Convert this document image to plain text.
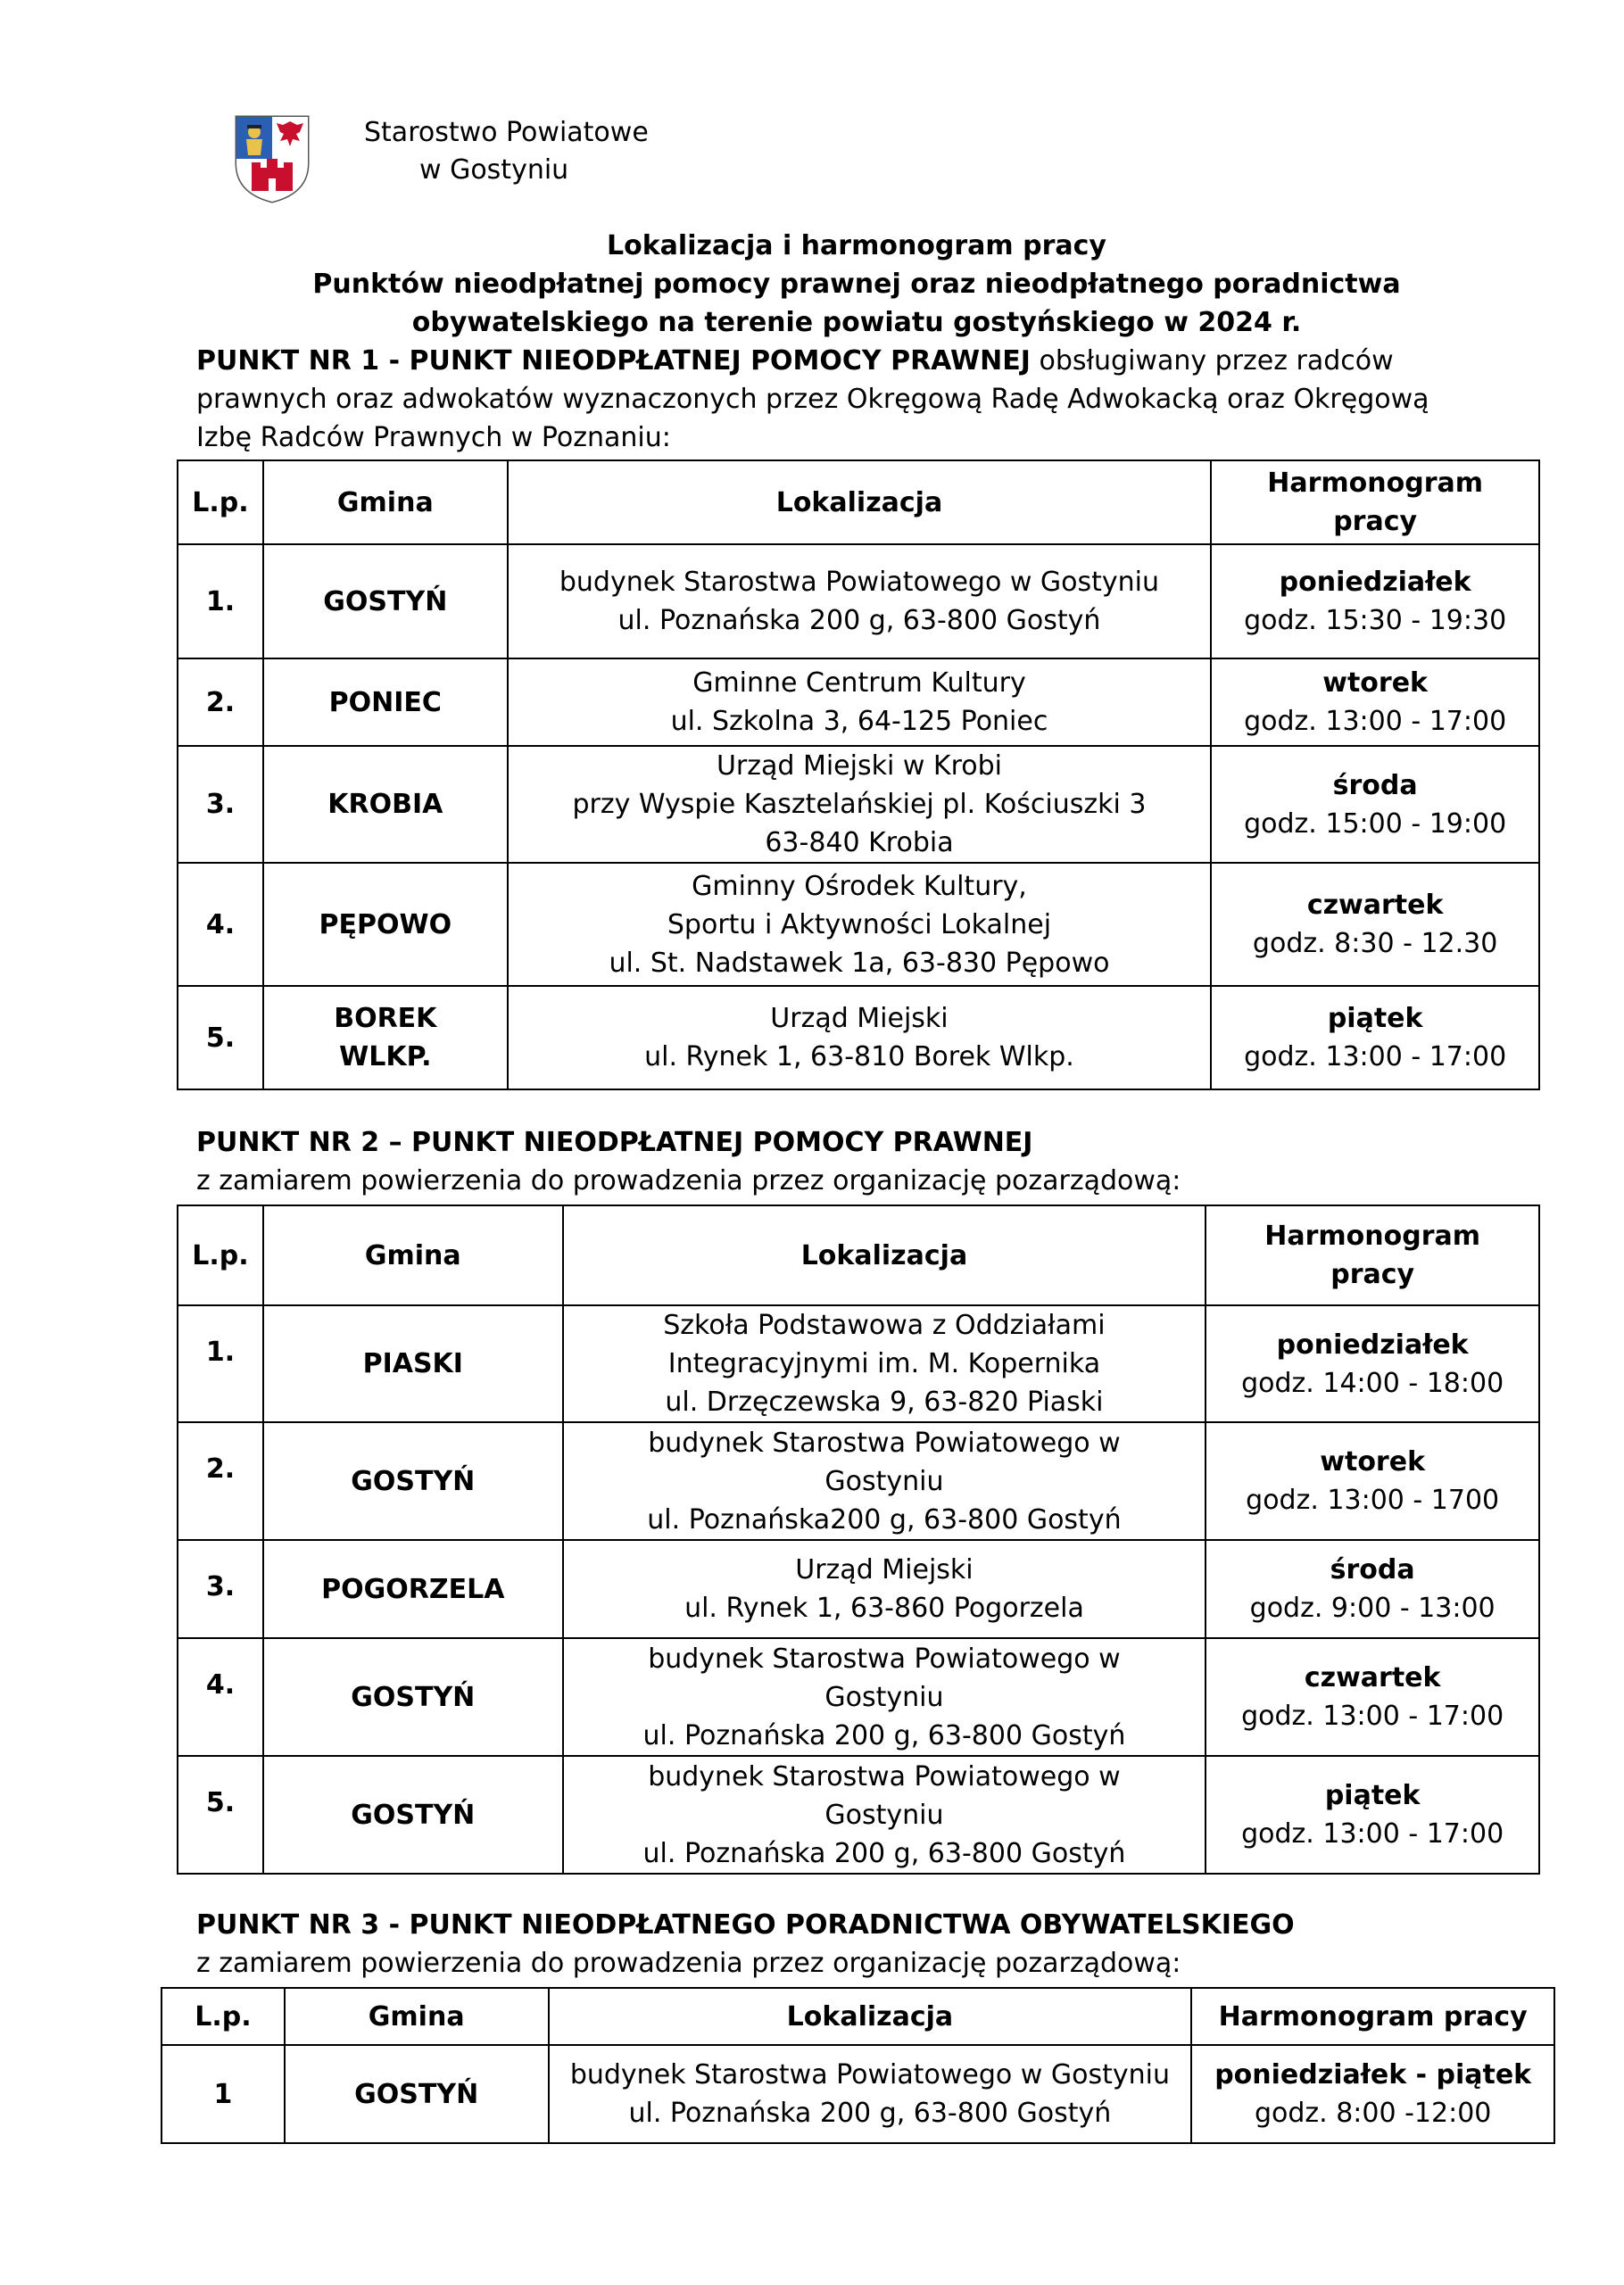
Starostwo Powiatowe
w Gostyniu
Lokalizacja i harmonogram pracy
Punktów nieodpłatnej pomocy prawnej oraz nieodpłatnego poradnictwa
obywatelskiego na terenie powiatu gostyńskiego w 2024 r.
PUNKT NR 1 - PUNKT NIEODPŁATNEJ POMOCY PRAWNEJ obsługiwany przez radców
prawnych oraz adwokatów wyznaczonych przez Okręgową Radę Adwokacką oraz Okręgową
Izbę Radców Prawnych w Poznaniu:
L.p.	Gmina	Lokalizacja	Harmonogram
pracy

1.	GOSTYŃ	budynek Starostwa Powiatowego w Gostyniu
ul. Poznańska 200 g, 63-800 Gostyń	poniedziałek
godz. 15:30 - 19:30

2.	PONIEC	Gminne Centrum Kultury
ul. Szkolna 3, 64-125 Poniec	wtorek
godz. 13:00 - 17:00

3.	KROBIA	Urząd Miejski w Krobi
przy Wyspie Kasztelańskiej pl. Kościuszki 3
63-840 Krobia	środa
godz. 15:00 - 19:00

4.	PĘPOWO	Gminny Ośrodek Kultury,
Sportu i Aktywności Lokalnej
ul. St. Nadstawek 1a, 63-830 Pępowo	czwartek
godz. 8:30 - 12.30

5.	BOREK
WLKP.	Urząd Miejski
ul. Rynek 1, 63-810 Borek Wlkp.	piątek
godz. 13:00 - 17:00
PUNKT NR 2 – PUNKT NIEODPŁATNEJ POMOCY PRAWNEJ
z zamiarem powierzenia do prowadzenia przez organizację pozarządową:
L.p.	Gmina	Lokalizacja	Harmonogram
pracy

1.	PIASKI	Szkoła Podstawowa z Oddziałami
Integracyjnymi im. M. Kopernika
ul. Drzęczewska 9, 63-820 Piaski	poniedziałek
godz. 14:00 - 18:00

2.	GOSTYŃ	budynek Starostwa Powiatowego w
Gostyniu
ul. Poznańska200 g, 63-800 Gostyń	wtorek
godz. 13:00 - 1700

3.	POGORZELA	Urząd Miejski
ul. Rynek 1, 63-860 Pogorzela	środa
godz. 9:00 - 13:00

4.	GOSTYŃ	budynek Starostwa Powiatowego w
Gostyniu
ul. Poznańska 200 g, 63-800 Gostyń	czwartek
godz. 13:00 - 17:00

5.	GOSTYŃ	budynek Starostwa Powiatowego w
Gostyniu
ul. Poznańska 200 g, 63-800 Gostyń	piątek
godz. 13:00 - 17:00
PUNKT NR 3 - PUNKT NIEODPŁATNEGO PORADNICTWA OBYWATELSKIEGO
z zamiarem powierzenia do prowadzenia przez organizację pozarządową:
L.p.	Gmina	Lokalizacja	Harmonogram pracy
1	GOSTYŃ	budynek Starostwa Powiatowego w Gostyniu
ul. Poznańska 200 g, 63-800 Gostyń	poniedziałek - piątek
godz. 8:00 -12:00
